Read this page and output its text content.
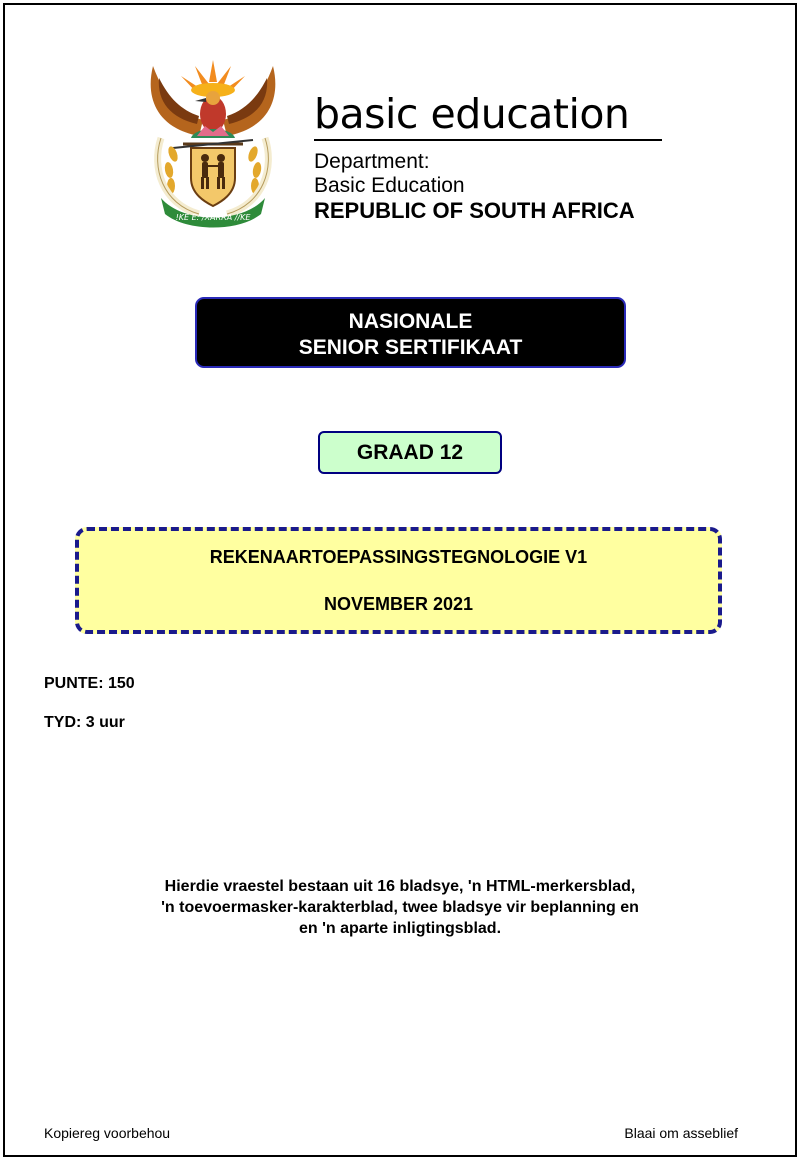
!KE E: /XARRA //KE
basic education
Department:
Basic Education
REPUBLIC OF SOUTH AFRICA
NASIONALE
SENIOR SERTIFIKAAT
GRAAD 12
REKENAARTOEPASSINGSTEGNOLOGIE V1
NOVEMBER 2021
PUNTE: 150
TYD: 3 uur
Hierdie vraestel bestaan uit 16 bladsye, 'n HTML-merkersblad,
'n toevoermasker-karakterblad, twee bladsye vir beplanning en
en 'n aparte inligtingsblad.
Kopiereg voorbehou	Blaai om asseblief
